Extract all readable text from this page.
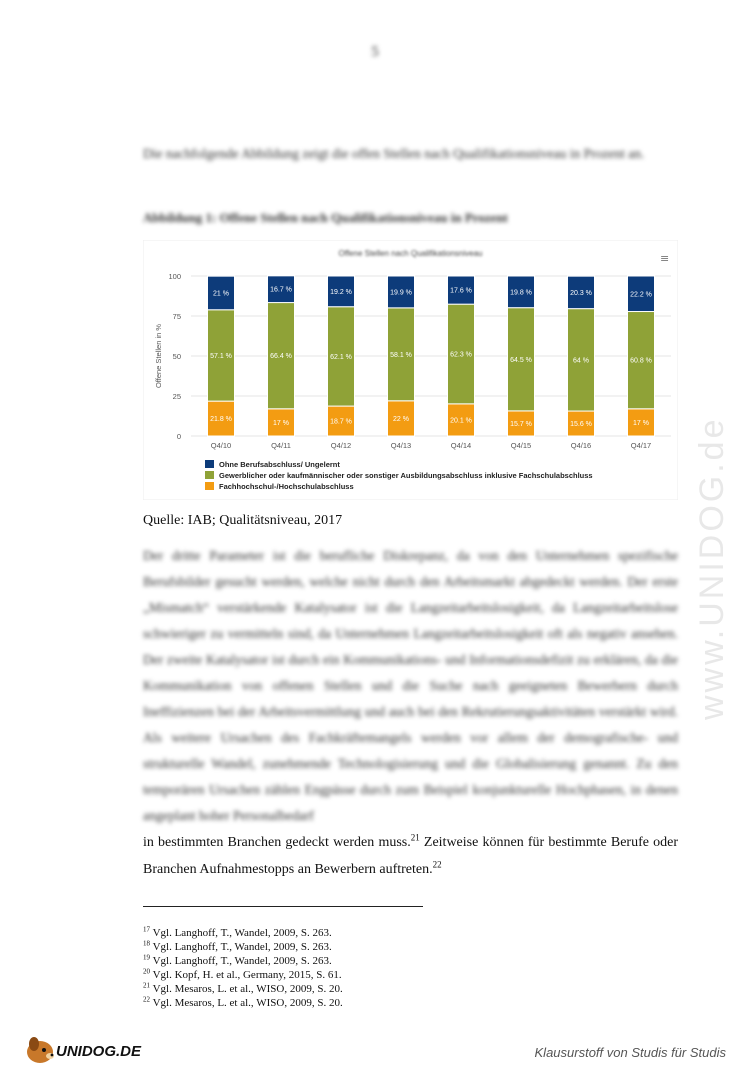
5
Die nachfolgende Abbildung zeigt die offen Stellen nach Qualifikationsniveau in Prozent an.
Abbildung 1: Offene Stellen nach Qualifikationsniveau in Prozent
Offene Stellen nach Qualifikationsniveau	≡
0
25
50
75
100
Offene Stellen in %
21.8 %
57.1 %
21 %
Q4/10
17 %
66.4 %
16.7 %
Q4/11
18.7 %
62.1 %
19.2 %
Q4/12
22 %
58.1 %
19.9 %
Q4/13
20.1 %
62.3 %
17.6 %
Q4/14
15.7 %
64.5 %
19.8 %
Q4/15
15.6 %
64 %
20.3 %
Q4/16
17 %
60.8 %
22.2 %
Q4/17
Ohne Berufsabschluss/ Ungelernt
Gewerblicher oder kaufmännischer oder sonstiger Ausbildungsabschluss inklusive Fachschulabschluss
Fachhochschul-/Hochschulabschluss
Quelle: IAB; Qualitätsniveau, 2017
Der dritte Parameter ist die berufliche Diskrepanz, da von den Unternehmen spezifische Berufsbilder gesucht werden, welche nicht durch den Arbeitsmarkt abgedeckt werden. Der erste „Mismatch“ verstärkende Katalysator ist die Langzeitarbeitslosigkeit, da Langzeitarbeitslose schwieriger zu vermitteln sind, da Unternehmen Langzeitarbeitslosigkeit oft als negativ ansehen. Der zweite Katalysator ist durch ein Kommunikations- und Informationsdefizit zu erklären, da die Kommunikation von offenen Stellen und die Suche nach geeigneten Bewerbern durch Ineffizienzen bei der Arbeitsvermittlung und auch bei den Rekrutierungsaktivitäten verstärkt wird. Als weitere Ursachen des Fachkräftemangels werden vor allem der demografische- und strukturelle Wandel, zunehmende Technologisierung und die Globalisierung genannt. Zu den temporären Ursachen zählen Engpässe durch zum Beispiel konjunkturelle Hochphasen, in denen angeplant hoher Personalbedarf
in bestimmten Branchen gedeckt werden muss.$^{21}$ Zeitweise können für bestimmte Berufe oder Branchen Aufnahmestopps an Bewerbern auftreten.$^{22}$
$^{17}$ Vgl. Langhoff, T., Wandel, 2009, S. 263.
$^{18}$ Vgl. Langhoff, T., Wandel, 2009, S. 263.
$^{19}$ Vgl. Langhoff, T., Wandel, 2009, S. 263.
$^{20}$ Vgl. Kopf, H. et al., Germany, 2015, S. 61.
$^{21}$ Vgl. Mesaros, L. et al., WISO, 2009, S. 20.
$^{22}$ Vgl. Mesaros, L. et al., WISO, 2009, S. 20.
www.UNIDOG.de
UNIDOG.DE	Klausurstoff von Studis für Studis
